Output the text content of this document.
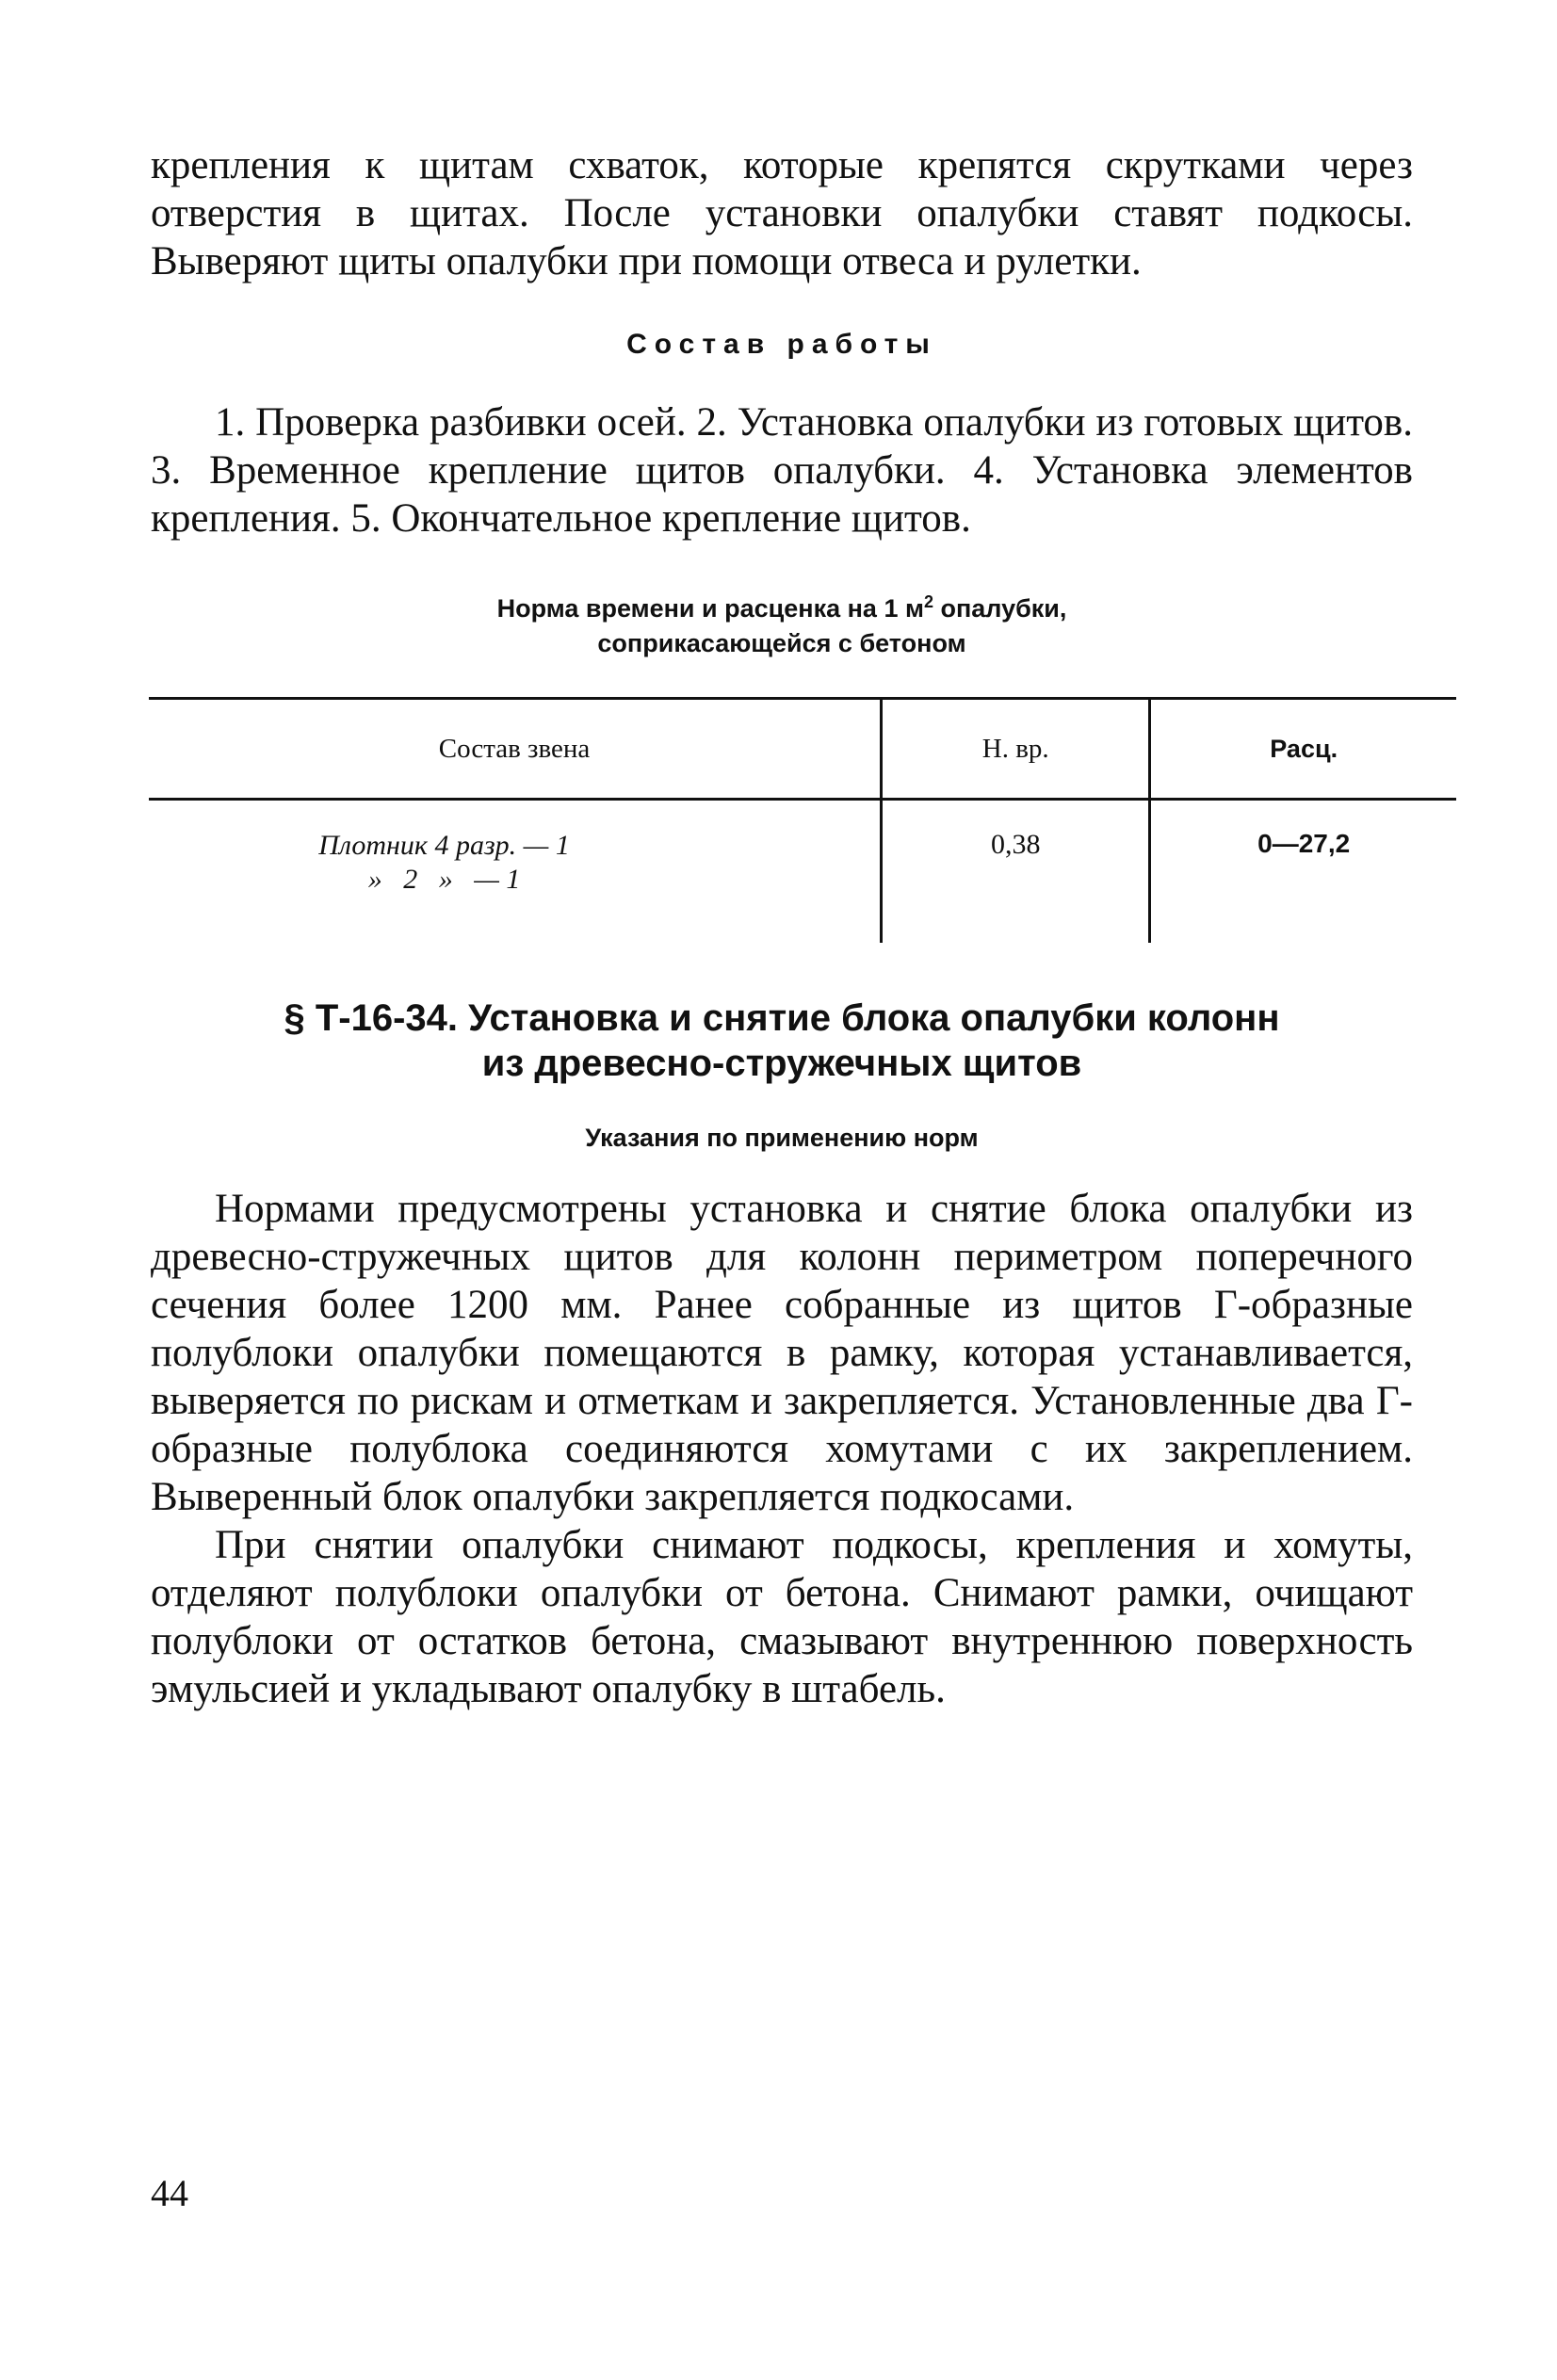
крепления к щитам схваток, которые крепятся скрутками через отверстия в щитах. После установки опалубки ставят подкосы. Выверяют щиты опалубки при помощи отвеса и рулетки.

Состав работы

1. Проверка разбивки осей. 2. Установка опалубки из готовых щитов. 3. Временное крепление щитов опалубки. 4. Установка элементов крепления. 5. Окончательное крепление щитов.

Норма времени и расценка на 1 $м^2$ опалубки,
соприкасающейся с бетоном
Состав звена	Н. вр.	Расц.

Плотник 4 разр. — 1
»   2   »   — 1	0,38	0—27,2
§ Т-16-34. Установка и снятие блока опалубки колонн
из древесно-стружечных щитов
Указания по применению норм

Нормами предусмотрены установка и снятие блока опалубки из древесно-стружечных щитов для колонн периметром поперечного сечения более 1200 мм. Ранее собранные из щитов Г-образные полублоки опалубки помещаются в рамку, которая устанавливается, выверяется по рискам и отметкам и закрепляется. Установленные два Г-образные полублока соединяются хомутами с их закреплением. Выверенный блок опалубки закрепляется подкосами.

При снятии опалубки снимают подкосы, крепления и хомуты, отделяют полублоки опалубки от бетона. Снимают рамки, очищают полублоки от остатков бетона, смазывают внутреннюю поверхность эмульсией и укладывают опалубку в штабель.

44
